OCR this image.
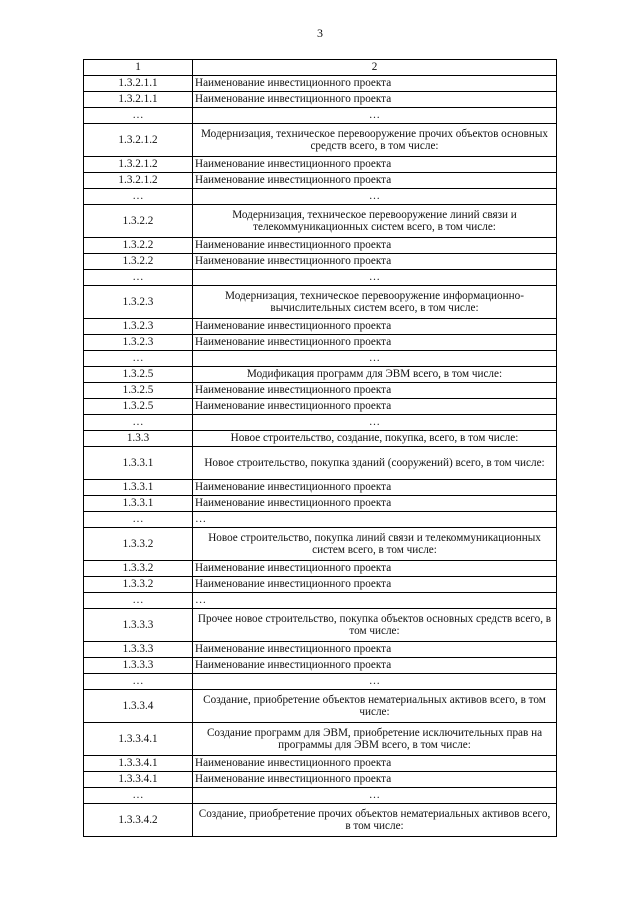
3
1	2
1.3.2.1.1	Наименование инвестиционного проекта
1.3.2.1.1	Наименование инвестиционного проекта
…	…
1.3.2.1.2	Модернизация, техническое перевооружение прочих объектов основных средств всего, в том числе:
1.3.2.1.2	Наименование инвестиционного проекта
1.3.2.1.2	Наименование инвестиционного проекта
…	…
1.3.2.2	Модернизация, техническое перевооружение линий связи и телекоммуникационных систем всего, в том числе:
1.3.2.2	Наименование инвестиционного проекта
1.3.2.2	Наименование инвестиционного проекта
…	…
1.3.2.3	Модернизация, техническое перевооружение информационно-вычислительных систем всего, в том числе:
1.3.2.3	Наименование инвестиционного проекта
1.3.2.3	Наименование инвестиционного проекта
…	…
1.3.2.5	Модификация программ для ЭВМ всего, в том числе:
1.3.2.5	Наименование инвестиционного проекта
1.3.2.5	Наименование инвестиционного проекта
…	…
1.3.3	Новое строительство, создание, покупка, всего, в том числе:
1.3.3.1	Новое строительство, покупка зданий (сооружений) всего, в том числе:
1.3.3.1	Наименование инвестиционного проекта
1.3.3.1	Наименование инвестиционного проекта
…	…
1.3.3.2	Новое строительство, покупка линий связи и телекоммуникационных систем всего, в том числе:
1.3.3.2	Наименование инвестиционного проекта
1.3.3.2	Наименование инвестиционного проекта
…	…
1.3.3.3	Прочее новое строительство, покупка объектов основных средств всего, в том числе:
1.3.3.3	Наименование инвестиционного проекта
1.3.3.3	Наименование инвестиционного проекта
…	…
1.3.3.4	Создание, приобретение объектов нематериальных активов всего, в том числе:
1.3.3.4.1	Создание программ для ЭВМ, приобретение исключительных прав на программы для ЭВМ всего, в том числе:
1.3.3.4.1	Наименование инвестиционного проекта
1.3.3.4.1	Наименование инвестиционного проекта
…	…
1.3.3.4.2	Создание, приобретение прочих объектов нематериальных активов всего, в том числе:
